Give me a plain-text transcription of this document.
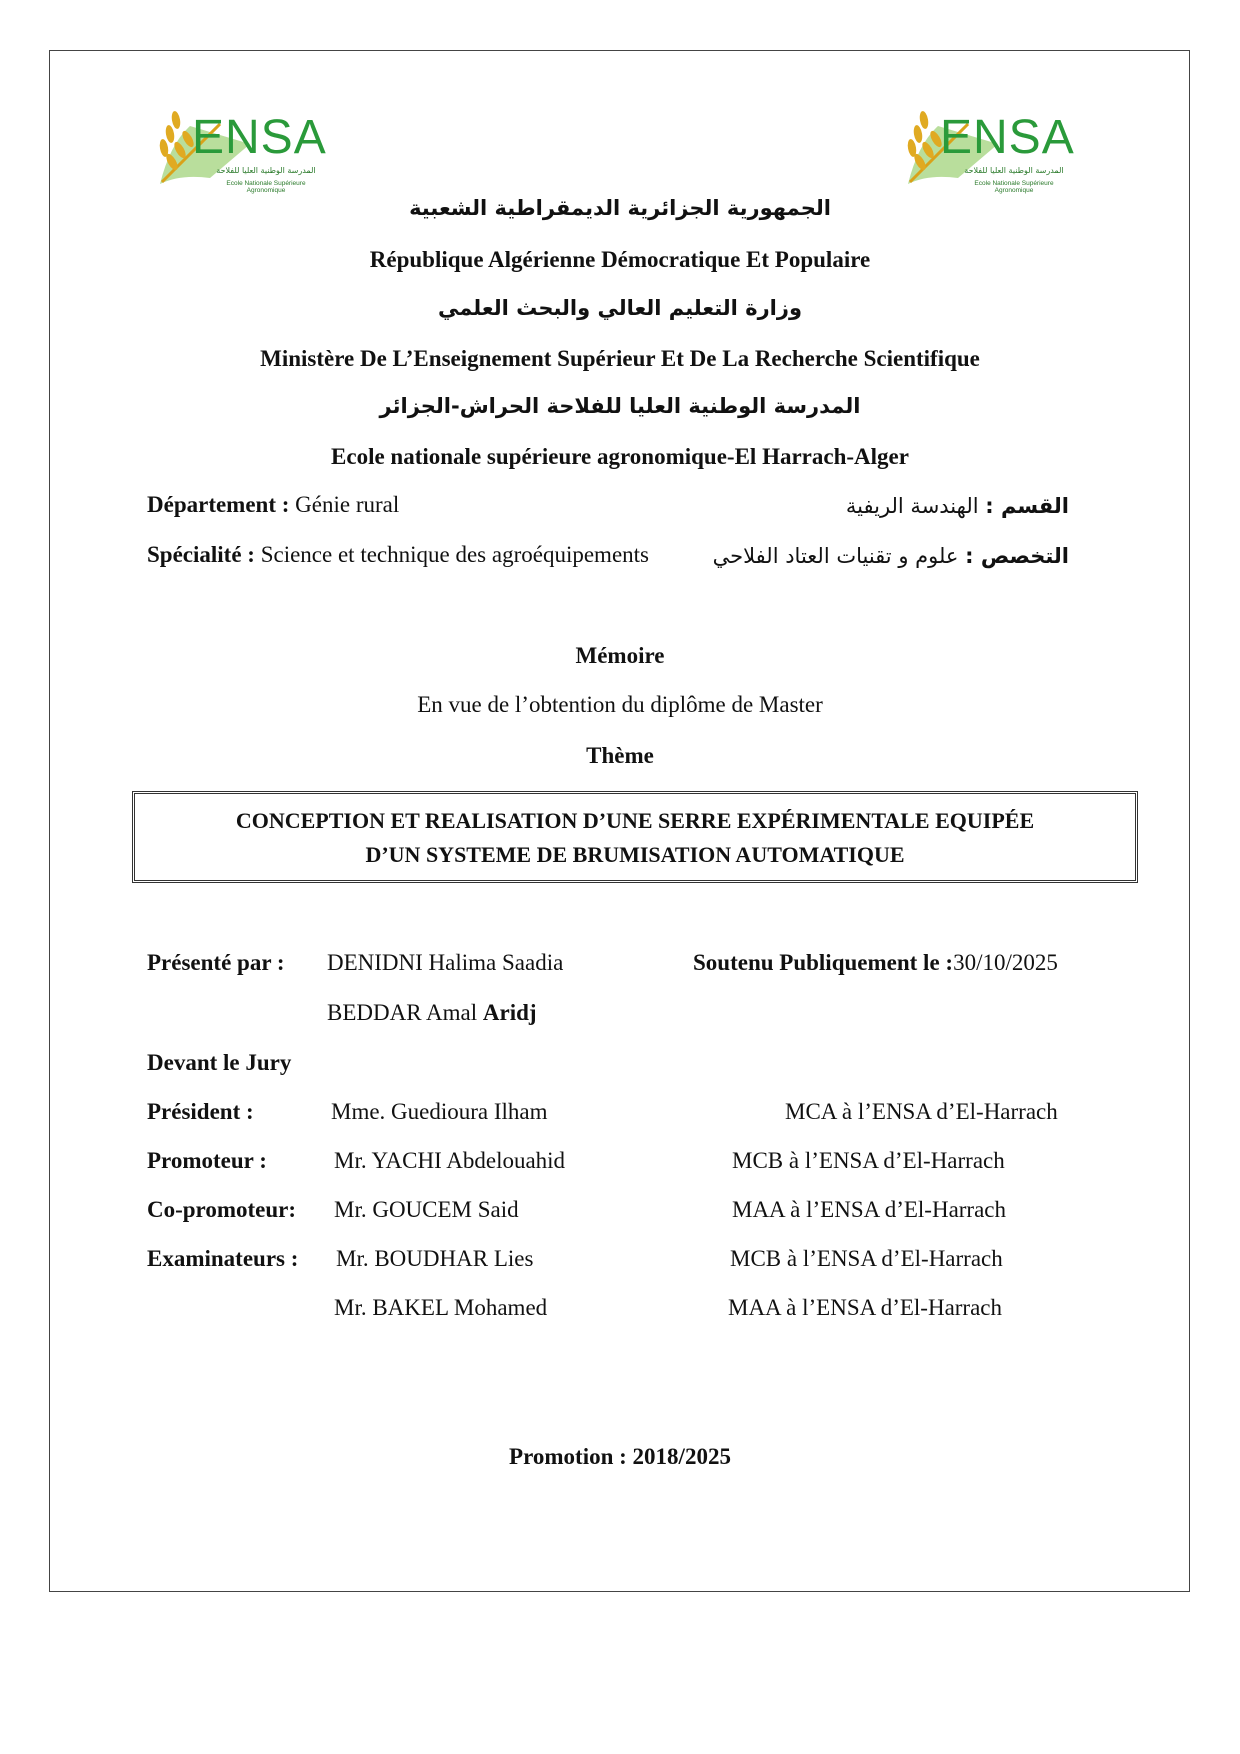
ENSA
المدرسة الوطنية العليا للفلاحة
Ecole Nationale Supérieure Agronomique
ENSA
المدرسة الوطنية العليا للفلاحة
Ecole Nationale Supérieure Agronomique
الجمهورية الجزائرية الديمقراطية الشعبية
République Algérienne Démocratique Et Populaire
وزارة التعليم العالي والبحث العلمي
Ministère De L’Enseignement Supérieur Et De La Recherche Scientifique
المدرسة الوطنية العليا للفلاحة الحراش-الجزائر
Ecole nationale supérieure agronomique-El Harrach-Alger
Département : Génie rural	القسم : الهندسة الريفية
Spécialité : Science et technique des agroéquipements	التخصص : علوم و تقنيات العتاد الفلاحي
Mémoire
En vue de l’obtention du diplôme de Master
Thème
CONCEPTION ET REALISATION D’UNE SERRE EXPÉRIMENTALE EQUIPÉE
D’UN SYSTEME DE BRUMISATION AUTOMATIQUE
Présenté par : DENIDNI Halima Saadia	Soutenu Publiquement le :30/10/2025
BEDDAR Amal Aridj
Devant le Jury
Président :	Mme. Guedioura Ilham	MCA à l’ENSA d’El-Harrach
Promoteur :	Mr. YACHI Abdelouahid	MCB à l’ENSA d’El-Harrach
Co-promoteur: Mr. GOUCEM Said	MAA à l’ENSA d’El-Harrach
Examinateurs : Mr. BOUDHAR Lies	MCB à l’ENSA d’El-Harrach
Mr. BAKEL Mohamed	MAA à l’ENSA d’El-Harrach
Promotion : 2018/2025
